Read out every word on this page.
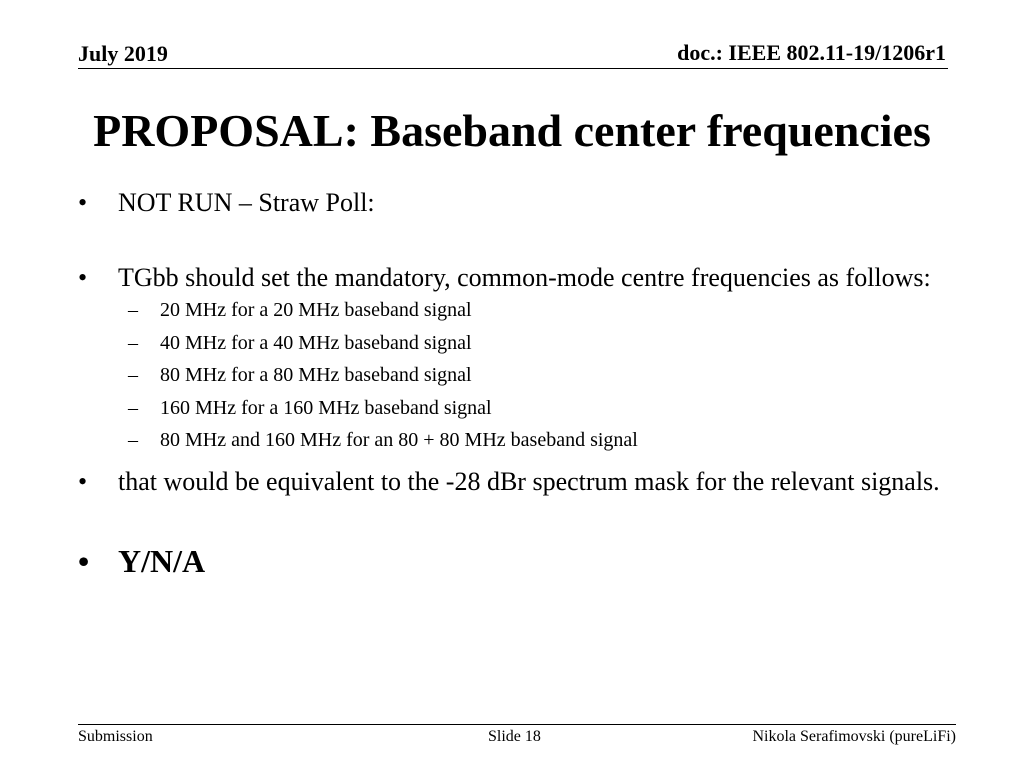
July 2019	doc.: IEEE 802.11-19/1206r1
PROPOSAL: Baseband center frequencies
• NOT RUN – Straw Poll:
• TGbb should set the mandatory, common-mode centre frequencies as follows:
– 20 MHz for a 20 MHz baseband signal
– 40 MHz for a 40 MHz baseband signal
– 80 MHz for a 80 MHz baseband signal
– 160 MHz for a 160 MHz baseband signal
– 80 MHz and 160 MHz for an 80 + 80 MHz baseband signal
• that would be equivalent to the -28 dBr spectrum mask for the relevant signals.
• Y/N/A
Submission	Slide 18	Nikola Serafimovski (pureLiFi)
